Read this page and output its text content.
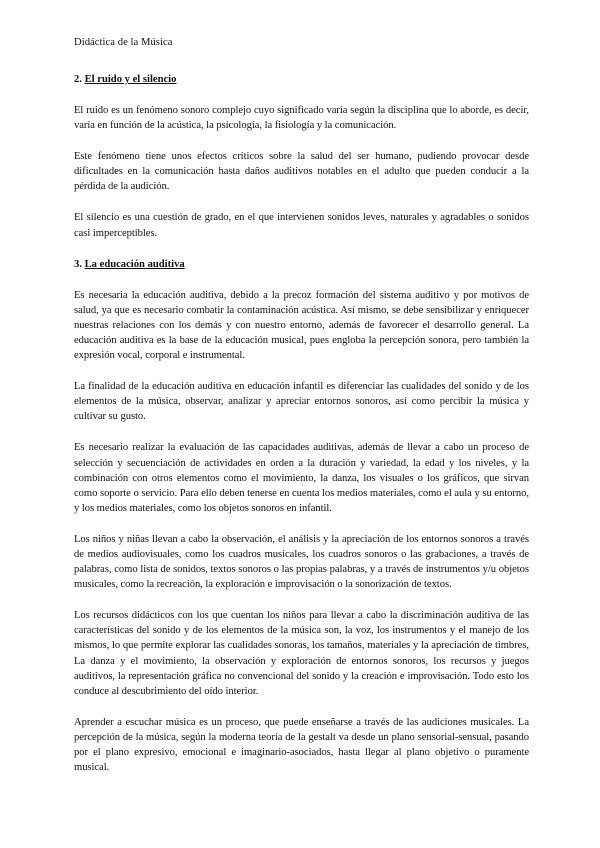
Didáctica de la Música
2. El ruido y el silencio

El ruido es un fenómeno sonoro complejo cuyo significado varía según la disciplina que lo aborde, es decir, varía en función de la acústica, la psicología, la fisiología y la comunicación.

Este fenómeno tiene unos efectos críticos sobre la salud del ser humano, pudiendo provocar desde dificultades en la comunicación hasta daños auditivos notables en el adulto que pueden conducir a la pérdida de la audición.

El silencio es una cuestión de grado, en el que intervienen sonidos leves, naturales y agradables o sonidos casi imperceptibles.

3. La educación auditiva

Es necesaria la educación auditiva, debido a la precoz formación del sistema auditivo y por motivos de salud, ya que es necesario combatir la contaminación acústica. Así mismo, se debe sensibilizar y enriquecer nuestras relaciones con los demás y con nuestro entorno, además de favorecer el desarrollo general. La educación auditiva es la base de la educación musical, pues engloba la percepción sonora, pero también la expresión vocal, corporal e instrumental.

La finalidad de la educación auditiva en educación infantil es diferenciar las cualidades del sonido y de los elementos de la música, observar, analizar y apreciar entornos sonoros, así como percibir la música y cultivar su gusto.

Es necesario realizar la evaluación de las capacidades auditivas, además de llevar a cabo un proceso de selección y secuenciación de actividades en orden a la duración y variedad, la edad y los niveles, y la combinación con otros elementos como el movimiento, la danza, los visuales o los gráficos, que sirvan como soporte o servicio. Para ello deben tenerse en cuenta los medios materiales, como el aula y su entorno, y los medios materiales, como los objetos sonoros en infantil.

Los niños y niñas llevan a cabo la observación, el análisis y la apreciación de los entornos sonoros a través de medios audiovisuales, como los cuadros musicales, los cuadros sonoros o las grabaciones, a través de palabras, como lista de sonidos, textos sonoros o las propias palabras, y a través de instrumentos y/u objetos musicales, como la recreación, la exploración e improvisación o la sonorización de textos.

Los recursos didácticos con los que cuentan los niños para llevar a cabo la discriminación auditiva de las características del sonido y de los elementos de la música son, la voz, los instrumentos y el manejo de los mismos, lo que permite explorar las cualidades sonoras, los tamaños, materiales y la apreciación de timbres, La danza y el movimiento, la observación y exploración de entornos sonoros, los recursos y juegos auditivos, la representación gráfica no convencional del sonido y la creación e improvisación. Todo esto los conduce al descubrimiento del oído interior.

Aprender a escuchar música es un proceso, que puede enseñarse a través de las audiciones musicales. La percepción de la música, según la moderna teoría de la gestalt va desde un plano sensorial-sensual, pasando por el plano expresivo, emocional e imaginario-asociados, hasta llegar al plano objetivo o puramente musical.
